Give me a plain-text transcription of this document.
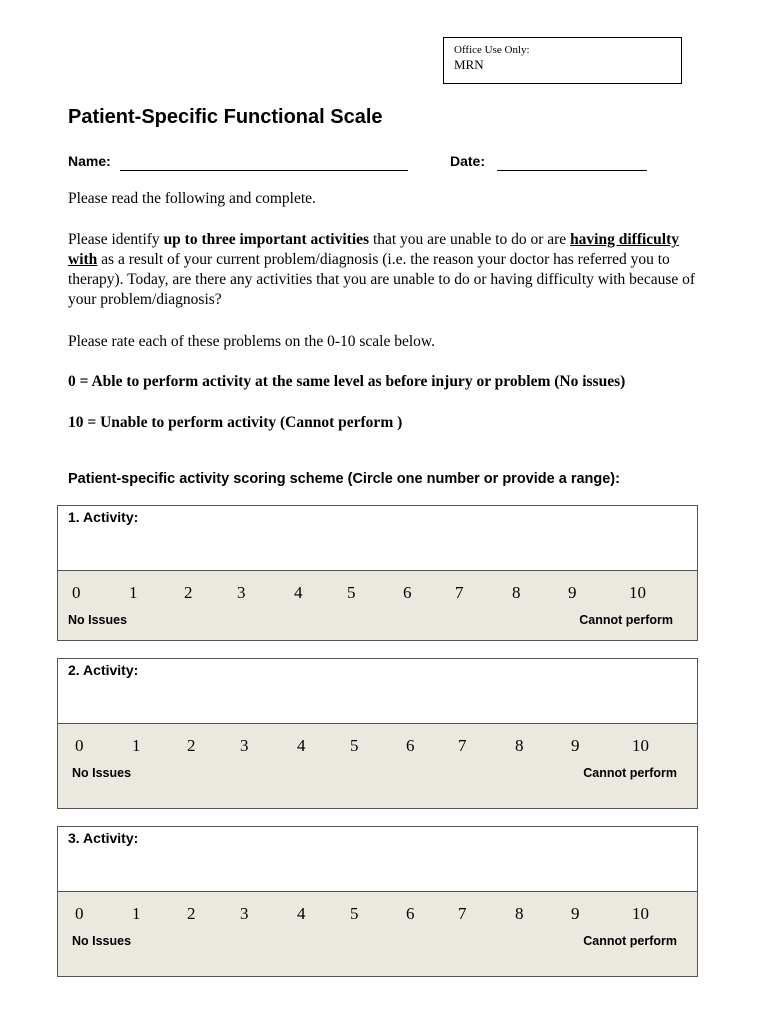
Office Use Only:
MRN
Patient-Specific Functional Scale
Name:	Date:
Please read the following and complete.
Please identify up to three important activities that you are unable to do or are having difficulty with as a result of your current problem/diagnosis (i.e. the reason your doctor has referred you to therapy). Today, are there any activities that you are unable to do or having difficulty with because of your problem/diagnosis?
Please rate each of these problems on the 0-10 scale below.
0 = Able to perform activity at the same level as before injury or problem (No issues)
10 = Unable to perform activity (Cannot perform )
Patient-specific activity scoring scheme (Circle one number or provide a range):
1. Activity:
0	1	2	3	4	5	6	7	8	9	10
No Issues	Cannot perform
2. Activity:
0	1	2	3	4	5	6	7	8	9	10
No Issues	Cannot perform
3. Activity:
0	1	2	3	4	5	6	7	8	9	10
No Issues	Cannot perform
